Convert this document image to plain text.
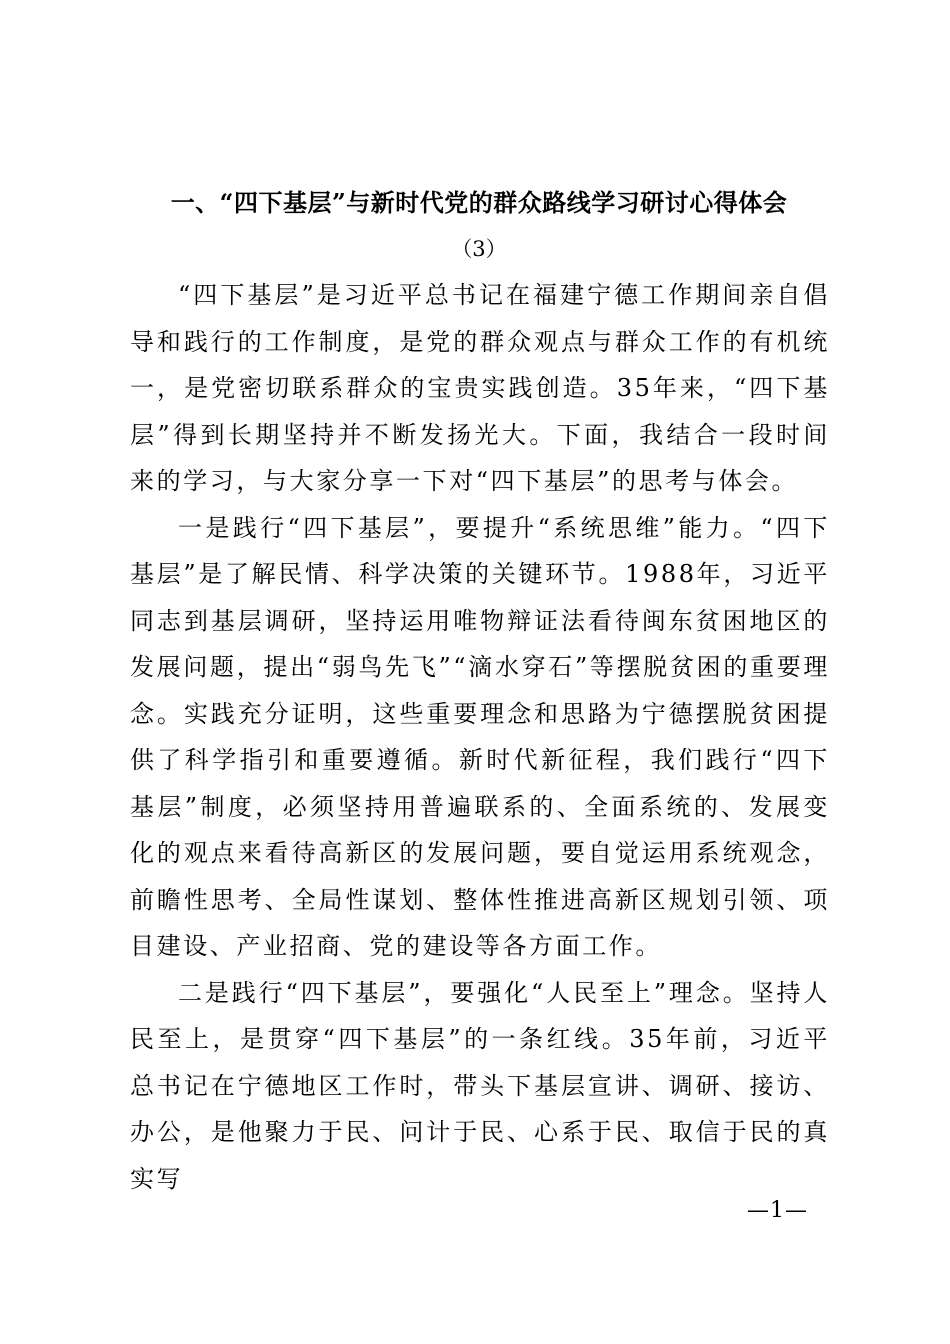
一、“四下基层”与新时代党的群众路线学习研讨心得体会
（3）

“四下基层”是习近平总书记在福建宁德工作期间亲自倡导和践行的工作制度，是党的群众观点与群众工作的有机统一，是党密切联系群众的宝贵实践创造。35年来，“四下基层”得到长期坚持并不断发扬光大。下面，我结合一段时间来的学习，与大家分享一下对“四下基层”的思考与体会。

一是践行“四下基层”，要提升“系统思维”能力。“四下基层”是了解民情、科学决策的关键环节。1988年，习近平同志到基层调研，坚持运用唯物辩证法看待闽东贫困地区的发展问题，提出“弱鸟先飞”“滴水穿石”等摆脱贫困的重要理念。实践充分证明，这些重要理念和思路为宁德摆脱贫困提供了科学指引和重要遵循。新时代新征程，我们践行“四下基层”制度，必须坚持用普遍联系的、全面系统的、发展变化的观点来看待高新区的发展问题，要自觉运用系统观念，前瞻性思考、全局性谋划、整体性推进高新区规划引领、项目建设、产业招商、党的建设等各方面工作。

二是践行“四下基层”，要强化“人民至上”理念。坚持人民至上，是贯穿“四下基层”的一条红线。35年前，习近平总书记在宁德地区工作时，带头下基层宣讲、调研、接访、办公，是他聚力于民、问计于民、心系于民、取信于民的真实写

—1—
